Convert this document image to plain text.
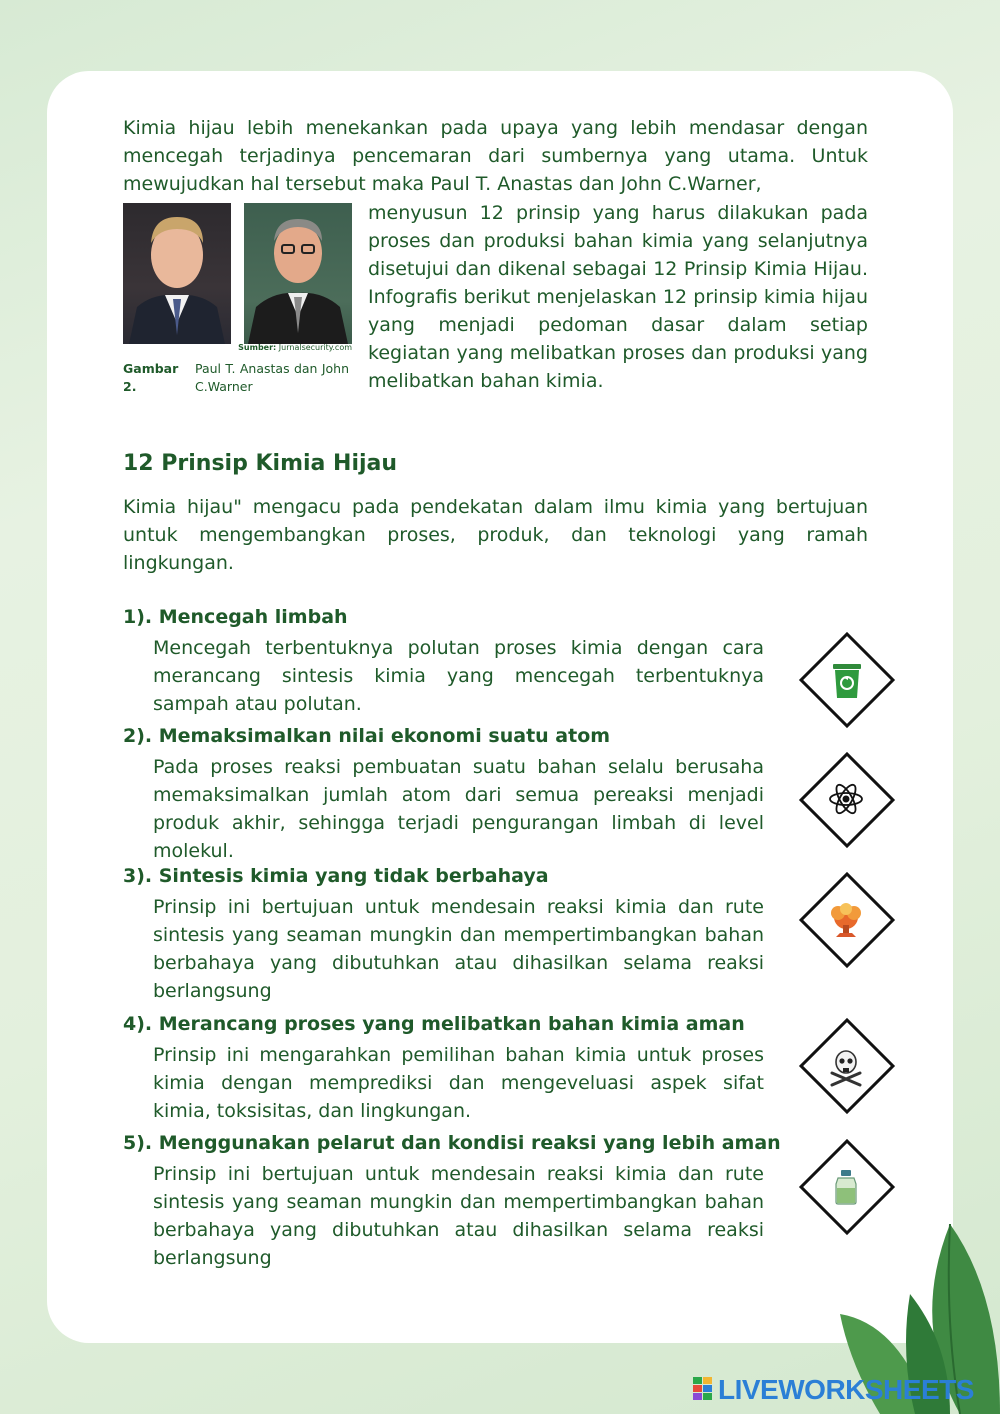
Kimia hijau lebih menekankan pada upaya yang lebih mendasar dengan mencegah terjadinya pencemaran dari sumbernya yang utama. Untuk mewujudkan hal tersebut maka Paul T. Anastas dan John C.Warner,
Sumber: Jurnalsecurity.com
Gambar 2.
Paul T. Anastas dan John C.Warner
menyusun 12 prinsip yang harus dilakukan pada proses dan produksi bahan kimia yang selanjutnya disetujui dan dikenal sebagai 12 Prinsip Kimia Hijau. Infografis berikut menjelaskan 12 prinsip kimia hijau yang menjadi pedoman dasar dalam setiap kegiatan yang melibatkan proses dan produksi yang melibatkan bahan kimia.
12 Prinsip Kimia Hijau
Kimia hijau" mengacu pada pendekatan dalam ilmu kimia yang bertujuan untuk mengembangkan proses, produk, dan teknologi yang ramah lingkungan.
1). Mencegah limbah
Mencegah terbentuknya polutan proses kimia dengan cara merancang sintesis kimia yang mencegah terbentuknya sampah atau polutan.
2). Memaksimalkan nilai ekonomi suatu atom
Pada proses reaksi pembuatan suatu bahan selalu berusaha memaksimalkan jumlah atom dari semua pereaksi menjadi produk akhir, sehingga terjadi pengurangan limbah di level molekul.
3). Sintesis kimia yang tidak berbahaya
Prinsip ini bertujuan untuk mendesain reaksi kimia dan rute sintesis yang seaman mungkin dan mempertimbangkan bahan berbahaya yang dibutuhkan atau dihasilkan selama reaksi berlangsung
4). Merancang proses yang melibatkan bahan kimia aman
Prinsip ini mengarahkan pemilihan bahan kimia untuk proses kimia dengan memprediksi dan mengeveluasi aspek sifat kimia, toksisitas, dan lingkungan.
5). Menggunakan pelarut dan kondisi reaksi yang lebih aman
Prinsip ini bertujuan untuk mendesain reaksi kimia dan rute sintesis yang seaman mungkin dan mempertimbangkan bahan berbahaya yang dibutuhkan atau dihasilkan selama reaksi berlangsung
LIVEWORKSHEETS
